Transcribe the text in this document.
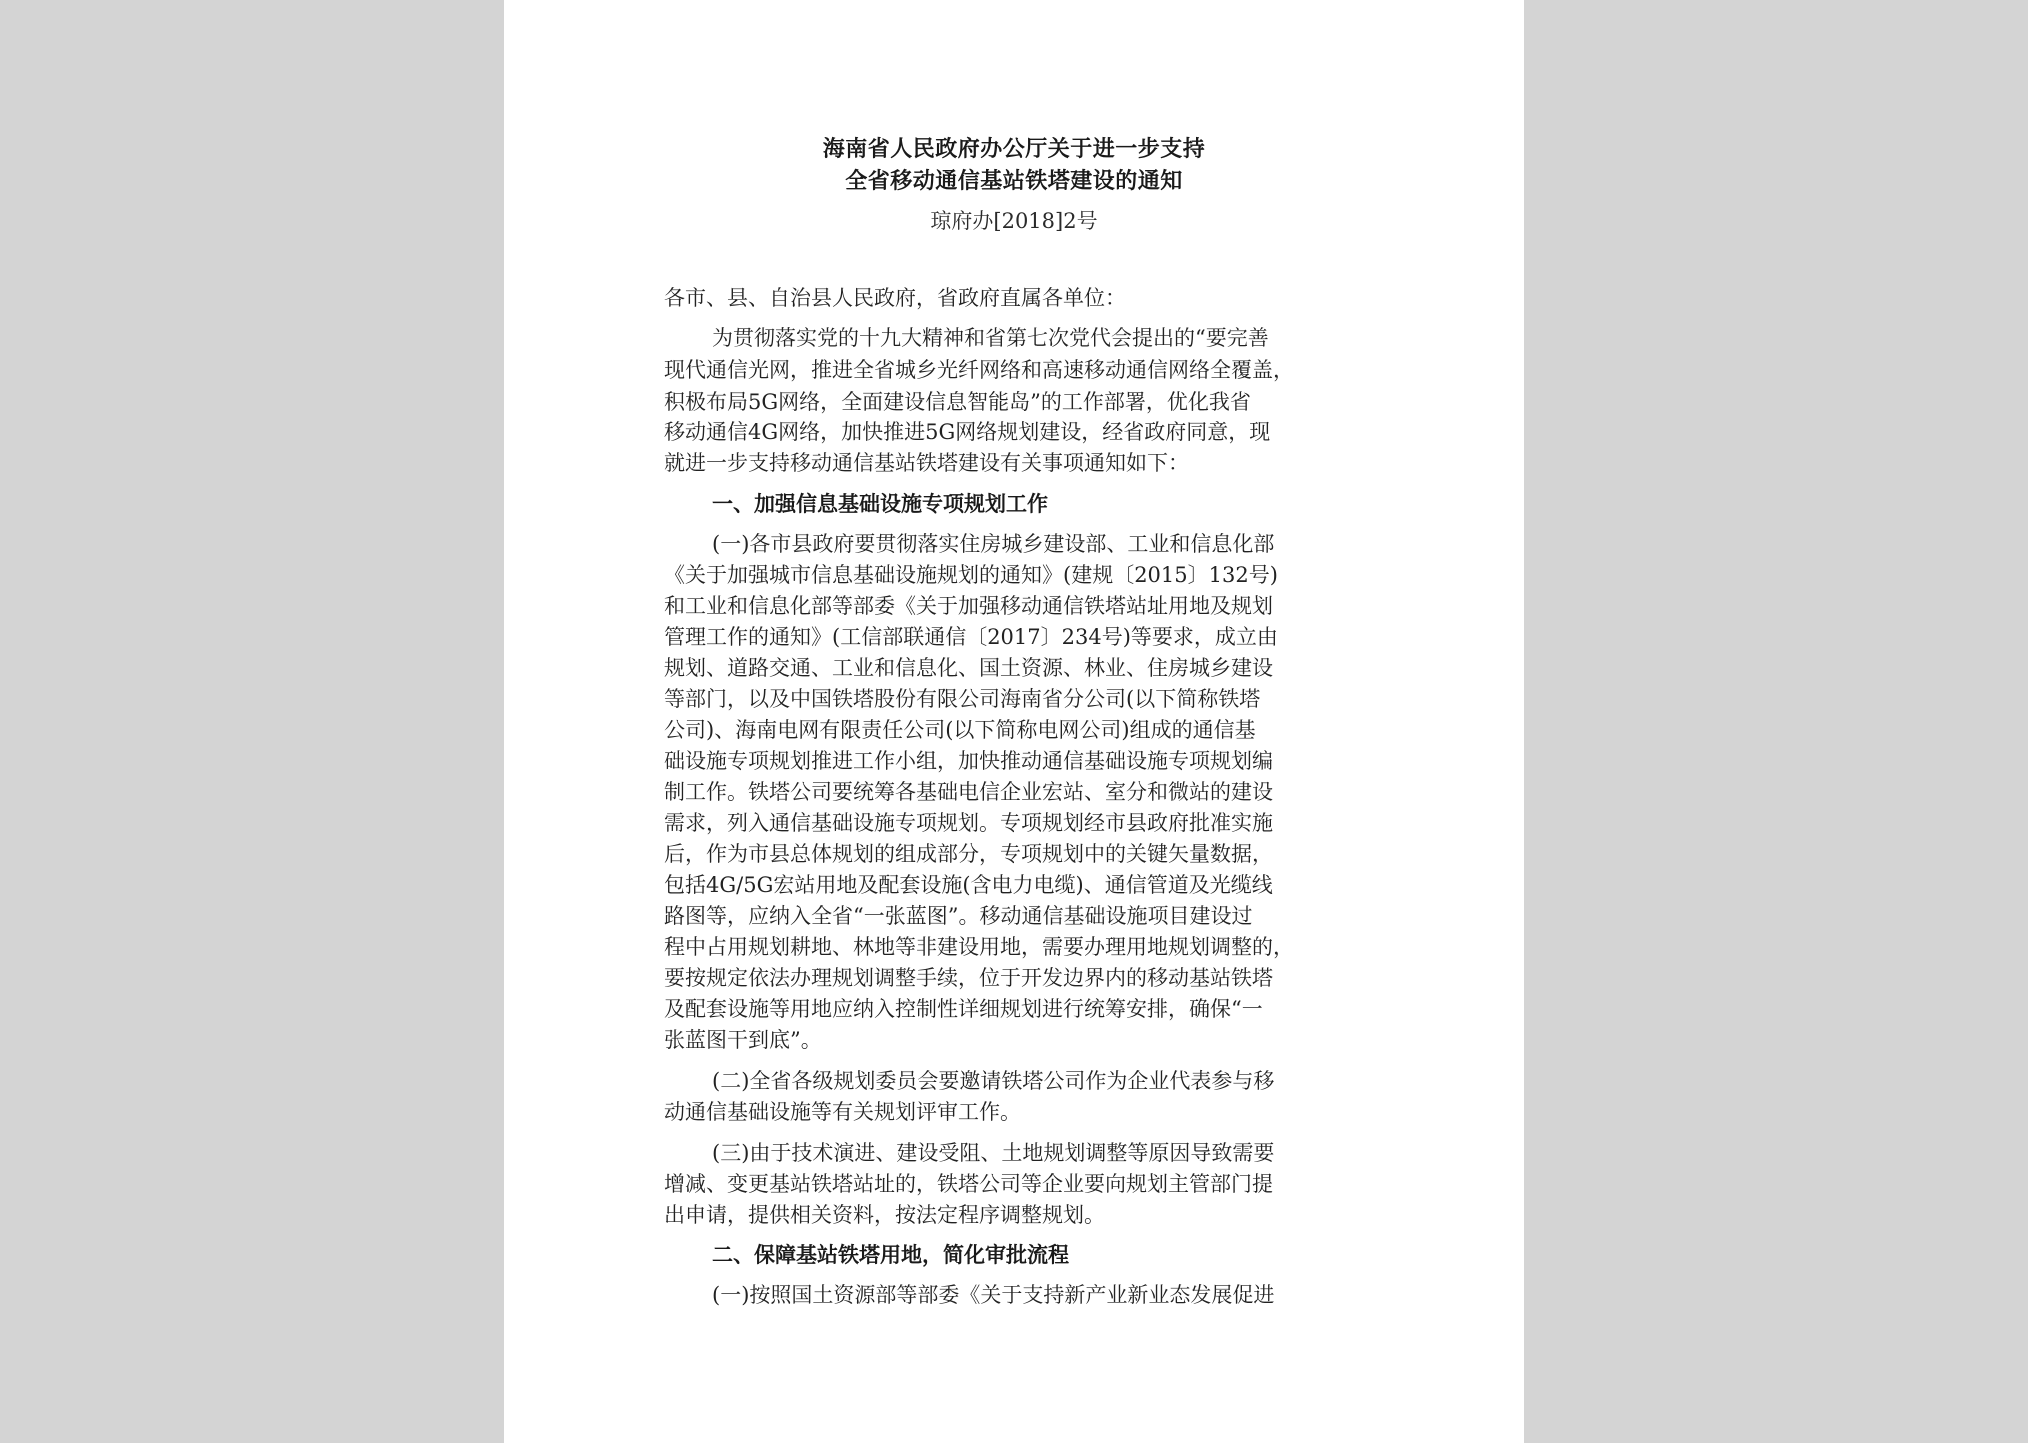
海南省人民政府办公厅关于进一步支持
全省移动通信基站铁塔建设的通知
琼府办[2018]2号
各市、县、自治县人民政府，省政府直属各单位：
为贯彻落实党的十九大精神和省第七次党代会提出的“要完善
现代通信光网，推进全省城乡光纤网络和高速移动通信网络全覆盖，
积极布局5G网络，全面建设信息智能岛”的工作部署，优化我省
移动通信4G网络，加快推进5G网络规划建设，经省政府同意，现
就进一步支持移动通信基站铁塔建设有关事项通知如下：
一、加强信息基础设施专项规划工作
(一)各市县政府要贯彻落实住房城乡建设部、工业和信息化部
《关于加强城市信息基础设施规划的通知》(建规〔2015〕132号)
和工业和信息化部等部委《关于加强移动通信铁塔站址用地及规划
管理工作的通知》(工信部联通信〔2017〕234号)等要求，成立由
规划、道路交通、工业和信息化、国土资源、林业、住房城乡建设
等部门，以及中国铁塔股份有限公司海南省分公司(以下简称铁塔
公司)、海南电网有限责任公司(以下简称电网公司)组成的通信基
础设施专项规划推进工作小组，加快推动通信基础设施专项规划编
制工作。铁塔公司要统筹各基础电信企业宏站、室分和微站的建设
需求，列入通信基础设施专项规划。专项规划经市县政府批准实施
后，作为市县总体规划的组成部分，专项规划中的关键矢量数据，
包括4G/5G宏站用地及配套设施(含电力电缆)、通信管道及光缆线
路图等，应纳入全省“一张蓝图”。移动通信基础设施项目建设过
程中占用规划耕地、林地等非建设用地，需要办理用地规划调整的，
要按规定依法办理规划调整手续，位于开发边界内的移动基站铁塔
及配套设施等用地应纳入控制性详细规划进行统筹安排，确保“一
张蓝图干到底”。
(二)全省各级规划委员会要邀请铁塔公司作为企业代表参与移
动通信基础设施等有关规划评审工作。
(三)由于技术演进、建设受阻、土地规划调整等原因导致需要
增减、变更基站铁塔站址的，铁塔公司等企业要向规划主管部门提
出申请，提供相关资料，按法定程序调整规划。
二、保障基站铁塔用地，简化审批流程
(一)按照国土资源部等部委《关于支持新产业新业态发展促进
